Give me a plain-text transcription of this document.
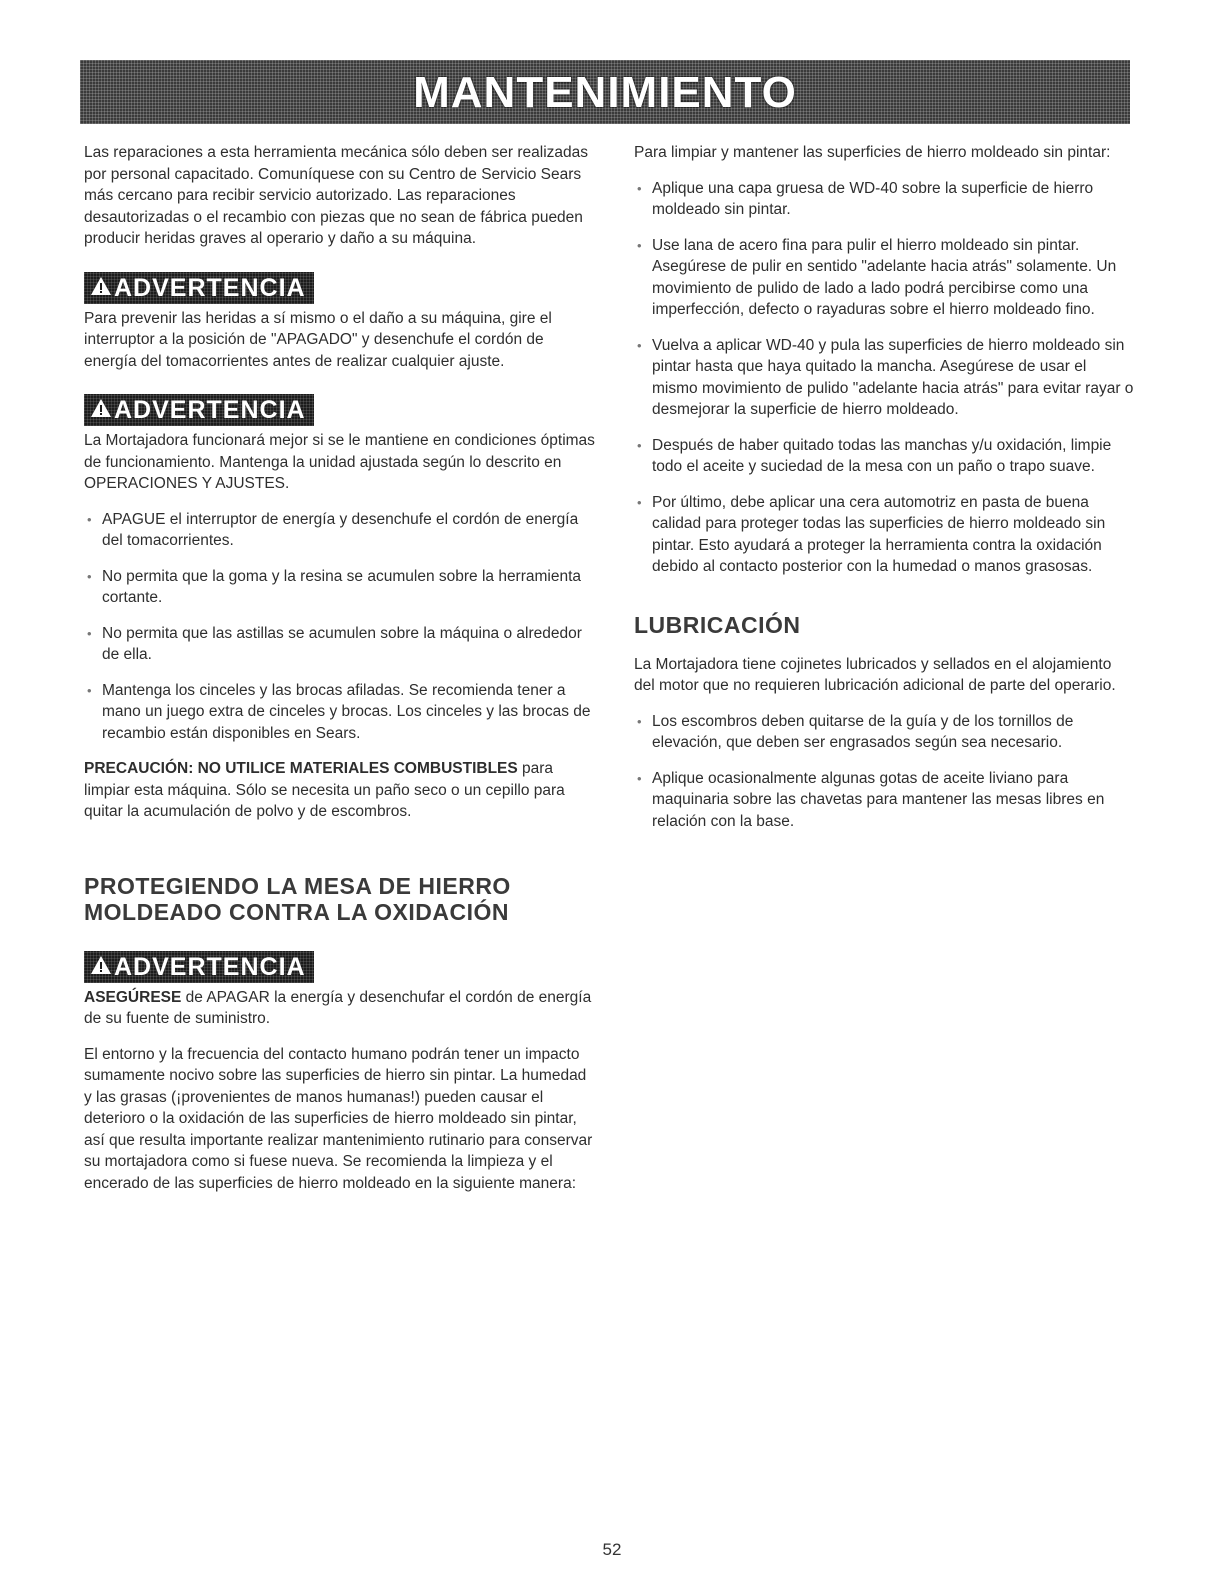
MANTENIMIENTO

Las reparaciones a esta herramienta mecánica sólo deben ser realizadas por personal capacitado. Comuníquese con su Centro de Servicio Sears más cercano para recibir servicio autorizado. Las reparaciones desautorizadas o el recambio con piezas que no sean de fábrica pueden producir heridas graves al operario y daño a su máquina.

ADVERTENCIA

Para prevenir las heridas a sí mismo o el daño a su máquina, gire el interruptor a la posición de "APAGADO" y desenchufe el cordón de energía del tomacorrientes antes de realizar cualquier ajuste.

ADVERTENCIA

La Mortajadora funcionará mejor si se le mantiene en condiciones óptimas de funcionamiento. Mantenga la unidad ajustada según lo descrito en OPERACIONES Y AJUSTES.

• APAGUE el interruptor de energía y desenchufe el cordón de energía del tomacorrientes.

• No permita que la goma y la resina se acumulen sobre la herramienta cortante.

• No permita que las astillas se acumulen sobre la máquina o alrededor de ella.

• Mantenga los cinceles y las brocas afiladas. Se recomienda tener a mano un juego extra de cinceles y brocas. Los cinceles y las brocas de recambio están disponibles en Sears.

PRECAUCIÓN: NO UTILICE MATERIALES COMBUSTIBLES para limpiar esta máquina. Sólo se necesita un paño seco o un cepillo para quitar la acumulación de polvo y de escombros.

PROTEGIENDO LA MESA DE HIERRO
MOLDEADO CONTRA LA OXIDACIÓN
ADVERTENCIA

ASEGÚRESE de APAGAR la energía y desenchufar el cordón de energía de su fuente de suministro.

El entorno y la frecuencia del contacto humano podrán tener un impacto sumamente nocivo sobre las superficies de hierro sin pintar. La humedad y las grasas (¡provenientes de manos humanas!) pueden causar el deterioro o la oxidación de las superficies de hierro moldeado sin pintar, así que resulta importante realizar mantenimiento rutinario para conservar su mortajadora como si fuese nueva. Se recomienda la limpieza y el encerado de las superficies de hierro moldeado en la siguiente manera:

Para limpiar y mantener las superficies de hierro moldeado sin pintar:

• Aplique una capa gruesa de WD-40 sobre la superficie de hierro moldeado sin pintar.

• Use lana de acero fina para pulir el hierro moldeado sin pintar. Asegúrese de pulir en sentido "adelante hacia atrás" solamente. Un movimiento de pulido de lado a lado podrá percibirse como una imperfección, defecto o rayaduras sobre el hierro moldeado fino.

• Vuelva a aplicar WD-40 y pula las superficies de hierro moldeado sin pintar hasta que haya quitado la mancha. Asegúrese de usar el mismo movimiento de pulido "adelante hacia atrás" para evitar rayar o desmejorar la superficie de hierro moldeado.

• Después de haber quitado todas las manchas y/u oxidación, limpie todo el aceite y suciedad de la mesa con un paño o trapo suave.

• Por último, debe aplicar una cera automotriz en pasta de buena calidad para proteger todas las superficies de hierro moldeado sin pintar. Esto ayudará a proteger la herramienta contra la oxidación debido al contacto posterior con la humedad o manos grasosas.

LUBRICACIÓN

La Mortajadora tiene cojinetes lubricados y sellados en el alojamiento del motor que no requieren lubricación adicional de parte del operario.

• Los escombros deben quitarse de la guía y de los tornillos de elevación, que deben ser engrasados según sea necesario.

• Aplique ocasionalmente algunas gotas de aceite liviano para maquinaria sobre las chavetas para mantener las mesas libres en relación con la base.

52
